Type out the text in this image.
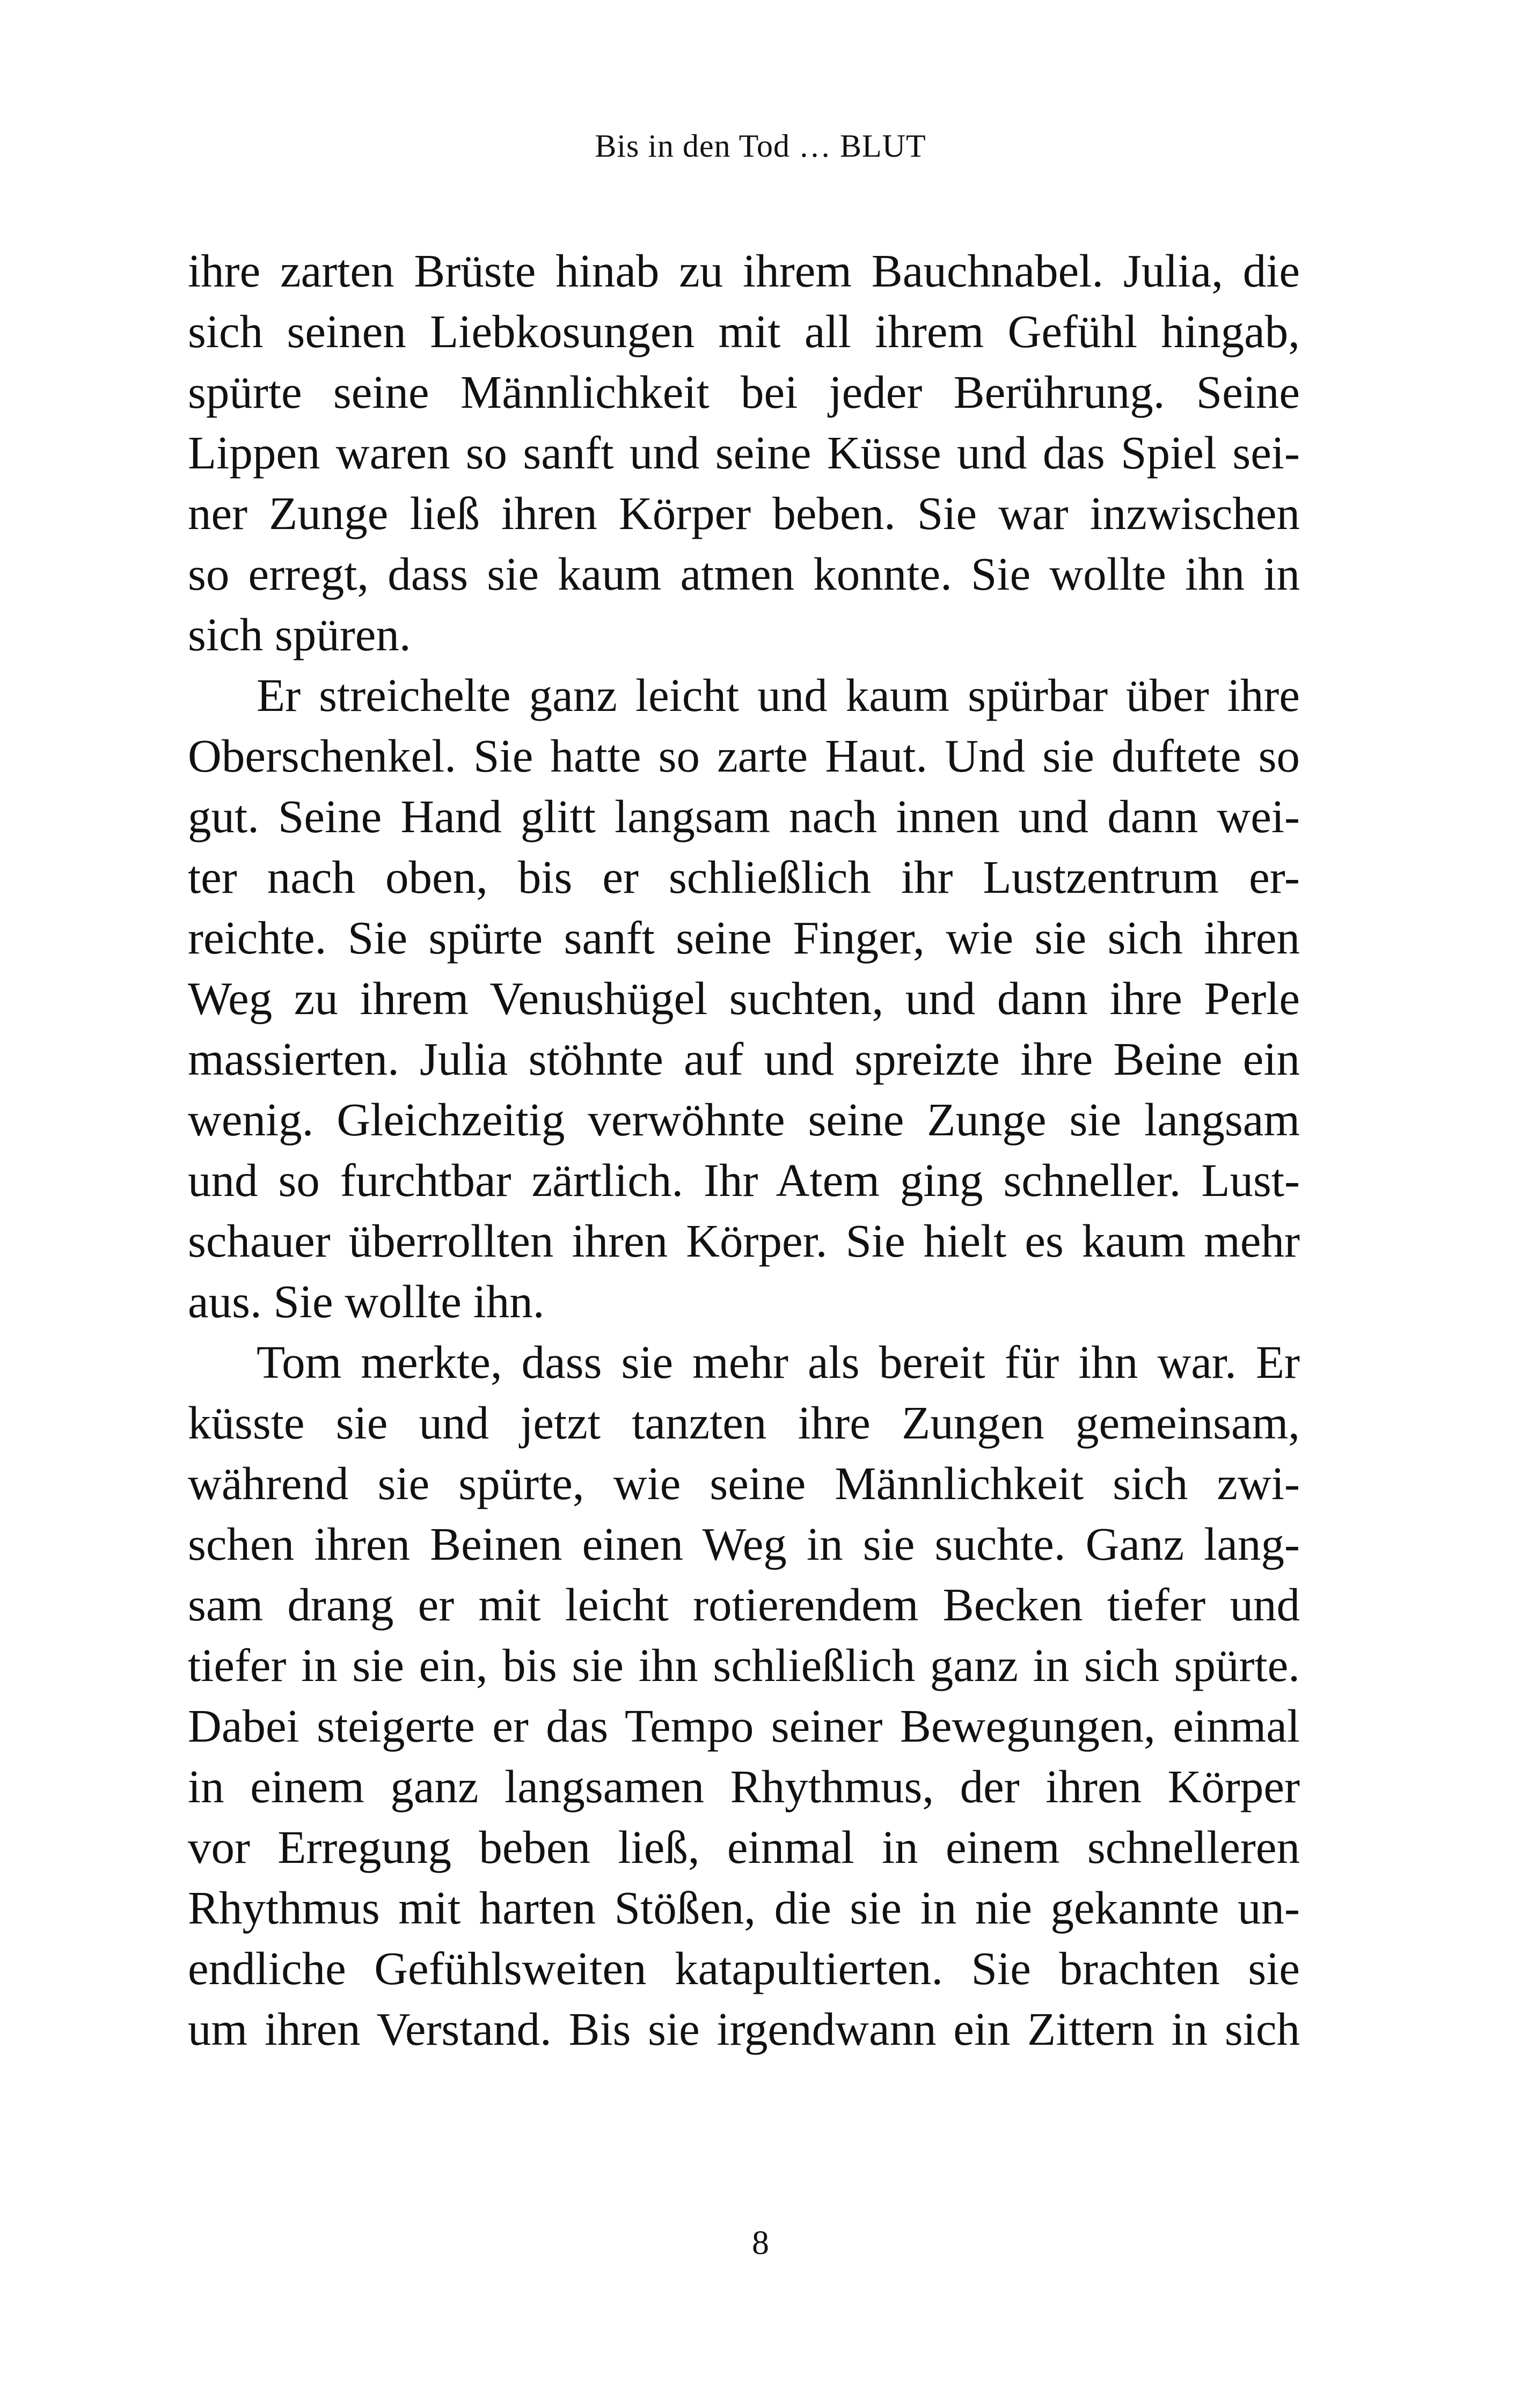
Bis in den Tod … BLUT
ihre zarten Brüste hinab zu ihrem Bauchnabel. Julia, die
sich seinen Liebkosungen mit all ihrem Gefühl hingab,
spürte seine Männlichkeit bei jeder Berührung. Seine
Lippen waren so sanft und seine Küsse und das Spiel sei-
ner Zunge ließ ihren Körper beben. Sie war inzwischen
so erregt, dass sie kaum atmen konnte. Sie wollte ihn in
sich spüren.
Er streichelte ganz leicht und kaum spürbar über ihre
Oberschenkel. Sie hatte so zarte Haut. Und sie duftete so
gut. Seine Hand glitt langsam nach innen und dann wei-
ter nach oben, bis er schließlich ihr Lustzentrum er-
reichte. Sie spürte sanft seine Finger, wie sie sich ihren
Weg zu ihrem Venushügel suchten, und dann ihre Perle
massierten. Julia stöhnte auf und spreizte ihre Beine ein
wenig. Gleichzeitig verwöhnte seine Zunge sie langsam
und so furchtbar zärtlich. Ihr Atem ging schneller. Lust-
schauer überrollten ihren Körper. Sie hielt es kaum mehr
aus. Sie wollte ihn.
Tom merkte, dass sie mehr als bereit für ihn war. Er
küsste sie und jetzt tanzten ihre Zungen gemeinsam,
während sie spürte, wie seine Männlichkeit sich zwi-
schen ihren Beinen einen Weg in sie suchte. Ganz lang-
sam drang er mit leicht rotierendem Becken tiefer und
tiefer in sie ein, bis sie ihn schließlich ganz in sich spürte.
Dabei steigerte er das Tempo seiner Bewegungen, einmal
in einem ganz langsamen Rhythmus, der ihren Körper
vor Erregung beben ließ, einmal in einem schnelleren
Rhythmus mit harten Stößen, die sie in nie gekannte un-
endliche Gefühlsweiten katapultierten. Sie brachten sie
um ihren Verstand. Bis sie irgendwann ein Zittern in sich
8
